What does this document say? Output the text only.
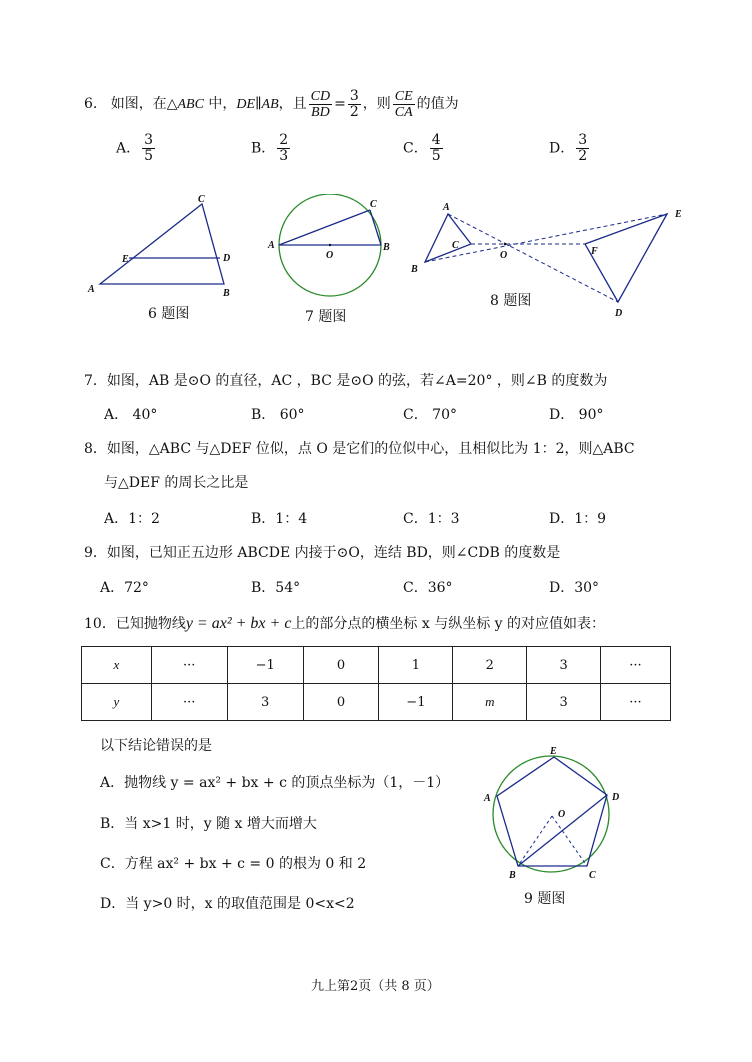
6. 如图，在△ABC 中，DE∥AB，且 $\frac{CD}{BD} = \frac{3}{2}$ ，则 $\frac{CE}{CA}$ 的值为
A． $\frac{3}{5}$	B． $\frac{2}{3}$	C． $\frac{4}{5}$	D． $\frac{3}{2}$
C
E	D
A	B
6 题图
C
A
O
B
7 题图
A
C
O
B
E
F
D
8 题图
7．如图，AB 是⊙O 的直径，AC ，BC 是⊙O 的弦，若∠A=20° ，则∠B 的度数为
A． 40°	B． 60°	C． 70°	D． 90°
8．如图，△ABC 与△DEF 位似，点 O 是它们的位似中心，且相似比为 1：2，则△ABC
与△DEF 的周长之比是
A．1：2	B．1：4	C．1：3	D．1：9
9．如图，已知正五边形 ABCDE 内接于⊙O，连结 BD，则∠CDB 的度数是
A．72°	B．54°	C．36°	D．30°
10．已知抛物线y = ax² + bx + c上的部分点的横坐标 x 与纵坐标 y 的对应值如表：
x	···	−1	0	1	2	3	···
y	···	3	0	−1	m	3	···
以下结论错误的是
A．抛物线 y = ax² + bx + c 的顶点坐标为（1，－1）
B．当 x>1 时，y 随 x 增大而增大
C．方程 ax² + bx + c = 0 的根为 0 和 2
D．当 y>0 时，x 的取值范围是 0<x<2
E
A	D
O
B	C
9 题图
九上第2页（共 8 页）
